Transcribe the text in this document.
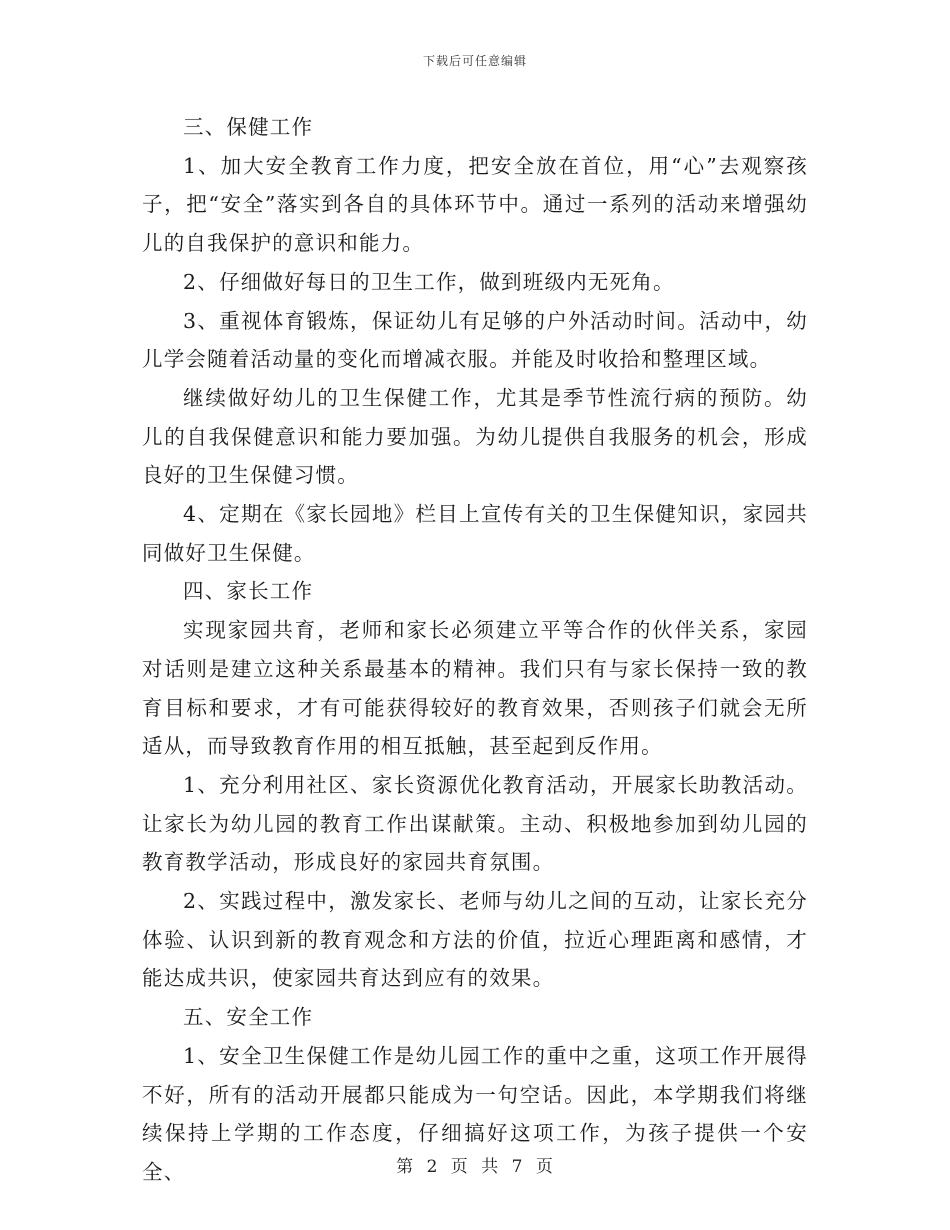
下载后可任意编辑

三、保健工作

1、加大安全教育工作力度，把安全放在首位，用“心”去观察孩子，把“安全”落实到各自的具体环节中。通过一系列的活动来增强幼儿的自我保护的意识和能力。

2、仔细做好每日的卫生工作，做到班级内无死角。

3、重视体育锻炼，保证幼儿有足够的户外活动时间。活动中，幼儿学会随着活动量的变化而增减衣服。并能及时收拾和整理区域。

继续做好幼儿的卫生保健工作，尤其是季节性流行病的预防。幼儿的自我保健意识和能力要加强。为幼儿提供自我服务的机会，形成良好的卫生保健习惯。

4、定期在《家长园地》栏目上宣传有关的卫生保健知识，家园共同做好卫生保健。

四、家长工作

实现家园共育，老师和家长必须建立平等合作的伙伴关系，家园对话则是建立这种关系最基本的精神。我们只有与家长保持一致的教育目标和要求，才有可能获得较好的教育效果，否则孩子们就会无所适从，而导致教育作用的相互抵触，甚至起到反作用。

1、充分利用社区、家长资源优化教育活动，开展家长助教活动。让家长为幼儿园的教育工作出谋献策。主动、积极地参加到幼儿园的教育教学活动，形成良好的家园共育氛围。

2、实践过程中，激发家长、老师与幼儿之间的互动，让家长充分体验、认识到新的教育观念和方法的价值，拉近心理距离和感情，才能达成共识，使家园共育达到应有的效果。

五、安全工作

1、安全卫生保健工作是幼儿园工作的重中之重，这项工作开展得不好，所有的活动开展都只能成为一句空话。因此，本学期我们将继续保持上学期的工作态度，仔细搞好这项工作，为孩子提供一个安全、	第 2 页 共 7 页
